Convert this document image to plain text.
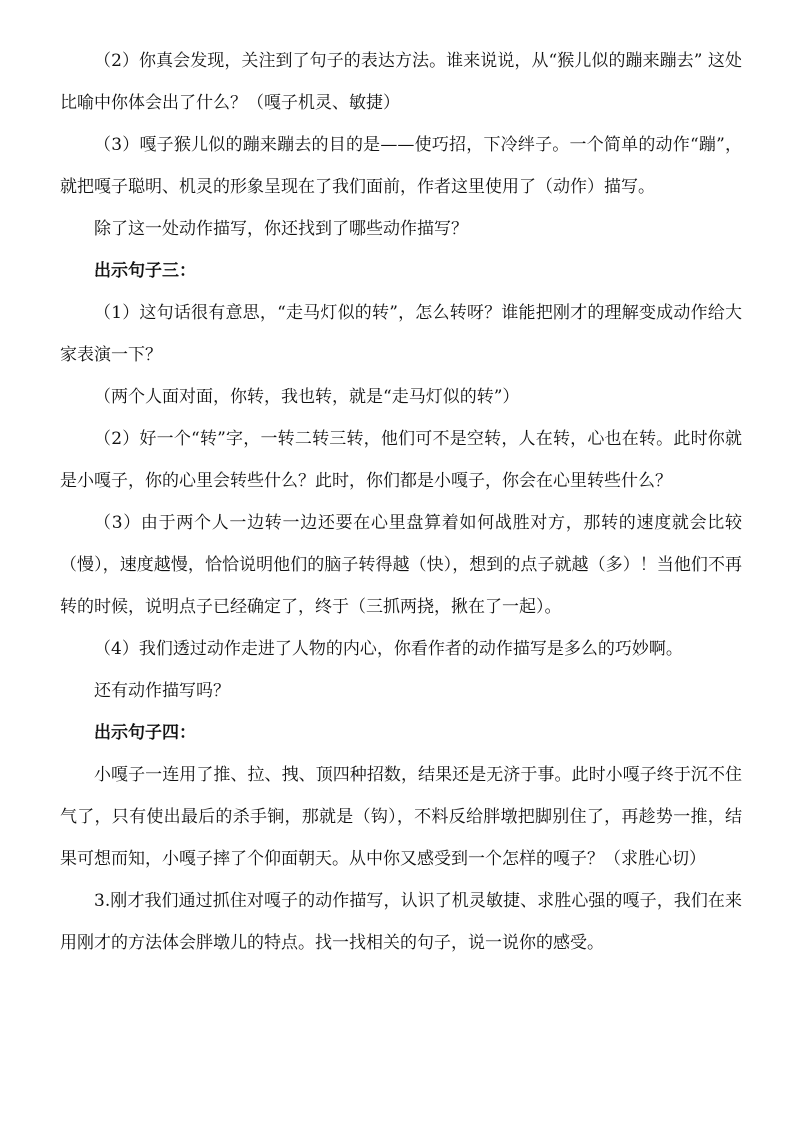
（2）你真会发现，关注到了句子的表达方法。谁来说说，从“猴儿似的蹦来蹦去” 这处比喻中你体会出了什么？（嘎子机灵、敏捷）

（3）嘎子猴儿似的蹦来蹦去的目的是——使巧招，下冷绊子。一个简单的动作“蹦”，就把嘎子聪明、机灵的形象呈现在了我们面前，作者这里使用了（动作）描写。

除了这一处动作描写，你还找到了哪些动作描写？

出示句子三：

（1）这句话很有意思，“走马灯似的转”，怎么转呀？谁能把刚才的理解变成动作给大家表演一下？

（两个人面对面，你转，我也转，就是“走马灯似的转”）

（2）好一个“转”字，一转二转三转，他们可不是空转，人在转，心也在转。此时你就是小嘎子，你的心里会转些什么？此时，你们都是小嘎子，你会在心里转些什么？

（3）由于两个人一边转一边还要在心里盘算着如何战胜对方，那转的速度就会比较（慢），速度越慢，恰恰说明他们的脑子转得越（快），想到的点子就越（多）！当他们不再转的时候，说明点子已经确定了，终于（三抓两挠，揪在了一起）。

（4）我们透过动作走进了人物的内心，你看作者的动作描写是多么的巧妙啊。

还有动作描写吗？

出示句子四：

小嘎子一连用了推、拉、拽、顶四种招数，结果还是无济于事。此时小嘎子终于沉不住气了，只有使出最后的杀手锏，那就是（钩），不料反给胖墩把脚别住了，再趁势一推，结果可想而知，小嘎子摔了个仰面朝天。从中你又感受到一个怎样的嘎子？（求胜心切）

3.刚才我们通过抓住对嘎子的动作描写，认识了机灵敏捷、求胜心强的嘎子，我们在来用刚才的方法体会胖墩儿的特点。找一找相关的句子，说一说你的感受。
